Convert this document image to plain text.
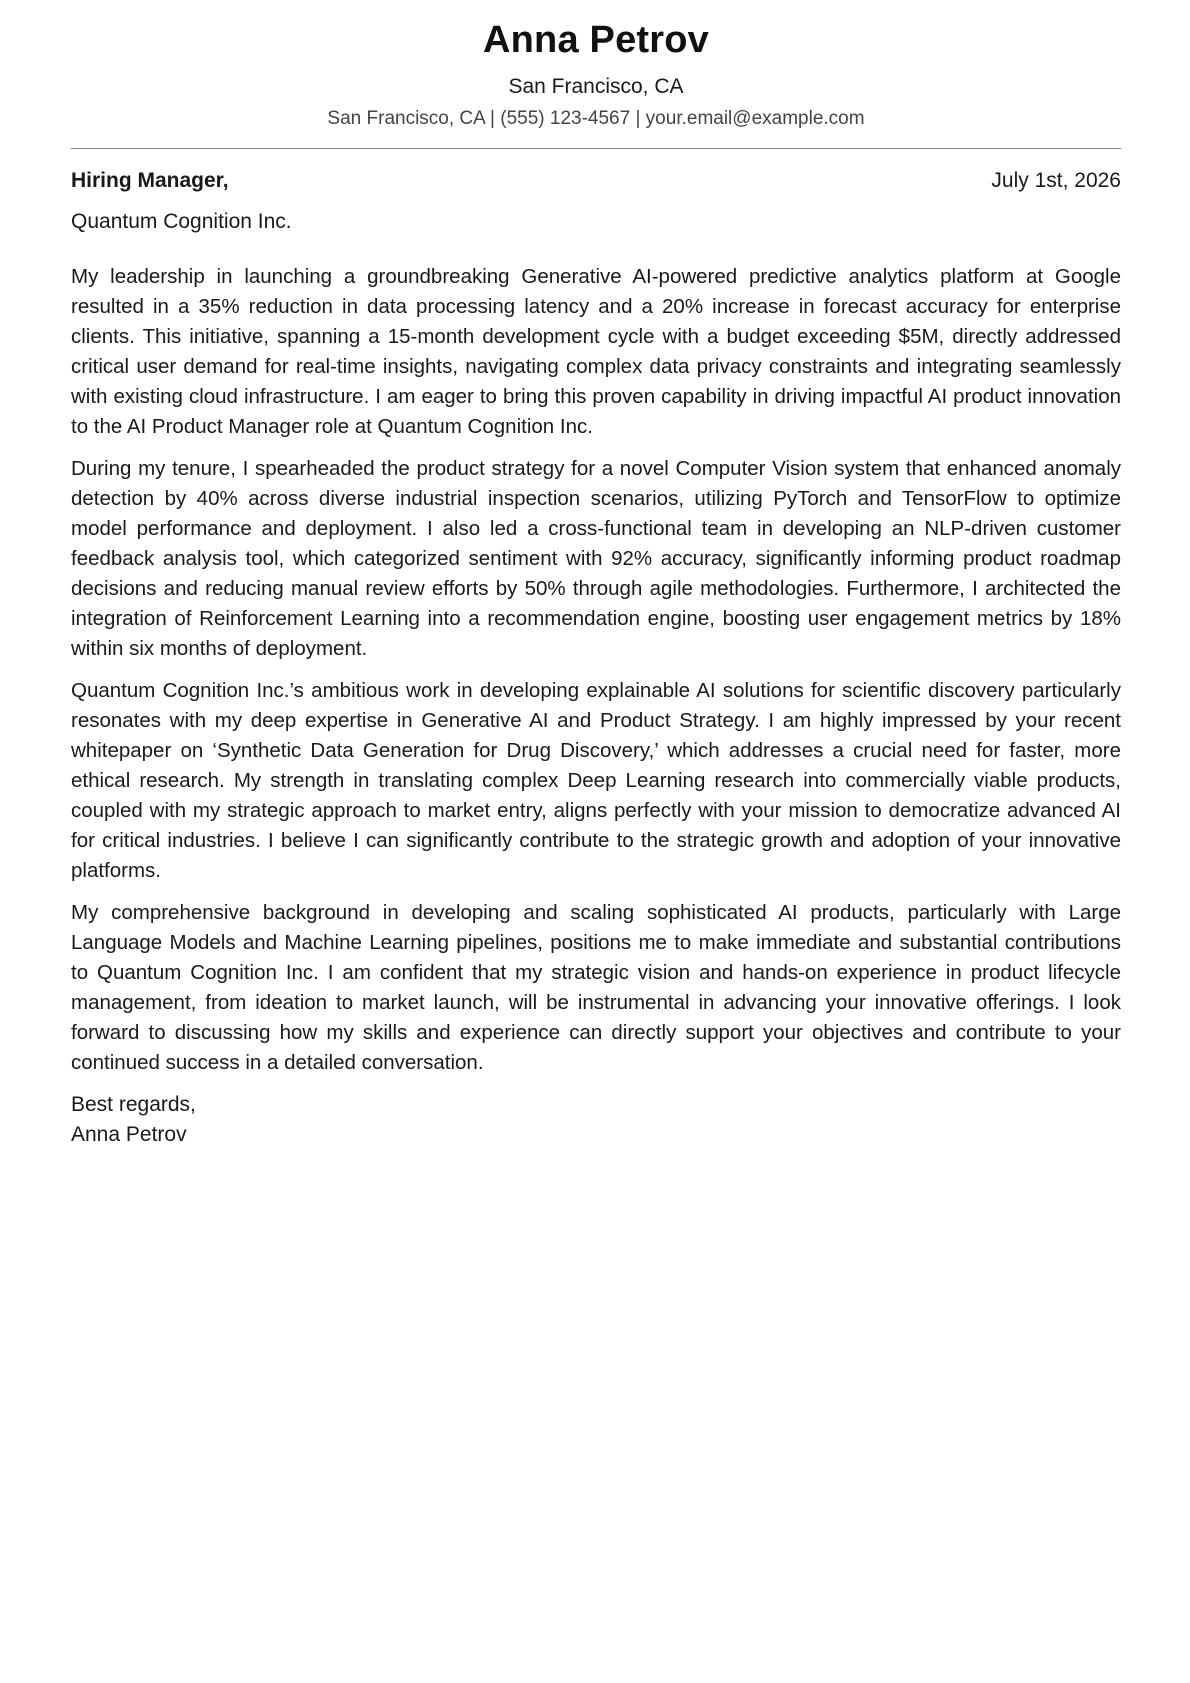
Anna Petrov
San Francisco, CA
San Francisco, CA | (555) 123-4567 | your.email@example.com
Hiring Manager,	July 1st, 2026
Quantum Cognition Inc.

My leadership in launching a groundbreaking Generative AI-powered predictive analytics platform at Google resulted in a 35% reduction in data processing latency and a 20% increase in forecast accuracy for enterprise clients. This initiative, spanning a 15-month development cycle with a budget exceeding $5M, directly addressed critical user demand for real-time insights, navigating complex data privacy constraints and integrating seamlessly with existing cloud infrastructure. I am eager to bring this proven capability in driving impactful AI product innovation to the AI Product Manager role at Quantum Cognition Inc.

During my tenure, I spearheaded the product strategy for a novel Computer Vision system that enhanced anomaly detection by 40% across diverse industrial inspection scenarios, utilizing PyTorch and TensorFlow to optimize model performance and deployment. I also led a cross-functional team in developing an NLP-driven customer feedback analysis tool, which categorized sentiment with 92% accuracy, significantly informing product roadmap decisions and reducing manual review efforts by 50% through agile methodologies. Furthermore, I architected the integration of Reinforcement Learning into a recommendation engine, boosting user engagement metrics by 18% within six months of deployment.

Quantum Cognition Inc.’s ambitious work in developing explainable AI solutions for scientific discovery particularly resonates with my deep expertise in Generative AI and Product Strategy. I am highly impressed by your recent whitepaper on ‘Synthetic Data Generation for Drug Discovery,’ which addresses a crucial need for faster, more ethical research. My strength in translating complex Deep Learning research into commercially viable products, coupled with my strategic approach to market entry, aligns perfectly with your mission to democratize advanced AI for critical industries. I believe I can significantly contribute to the strategic growth and adoption of your innovative platforms.

My comprehensive background in developing and scaling sophisticated AI products, particularly with Large Language Models and Machine Learning pipelines, positions me to make immediate and substantial contributions to Quantum Cognition Inc. I am confident that my strategic vision and hands-on experience in product lifecycle management, from ideation to market launch, will be instrumental in advancing your innovative offerings. I look forward to discussing how my skills and experience can directly support your objectives and contribute to your continued success in a detailed conversation.

Best regards,
Anna Petrov
